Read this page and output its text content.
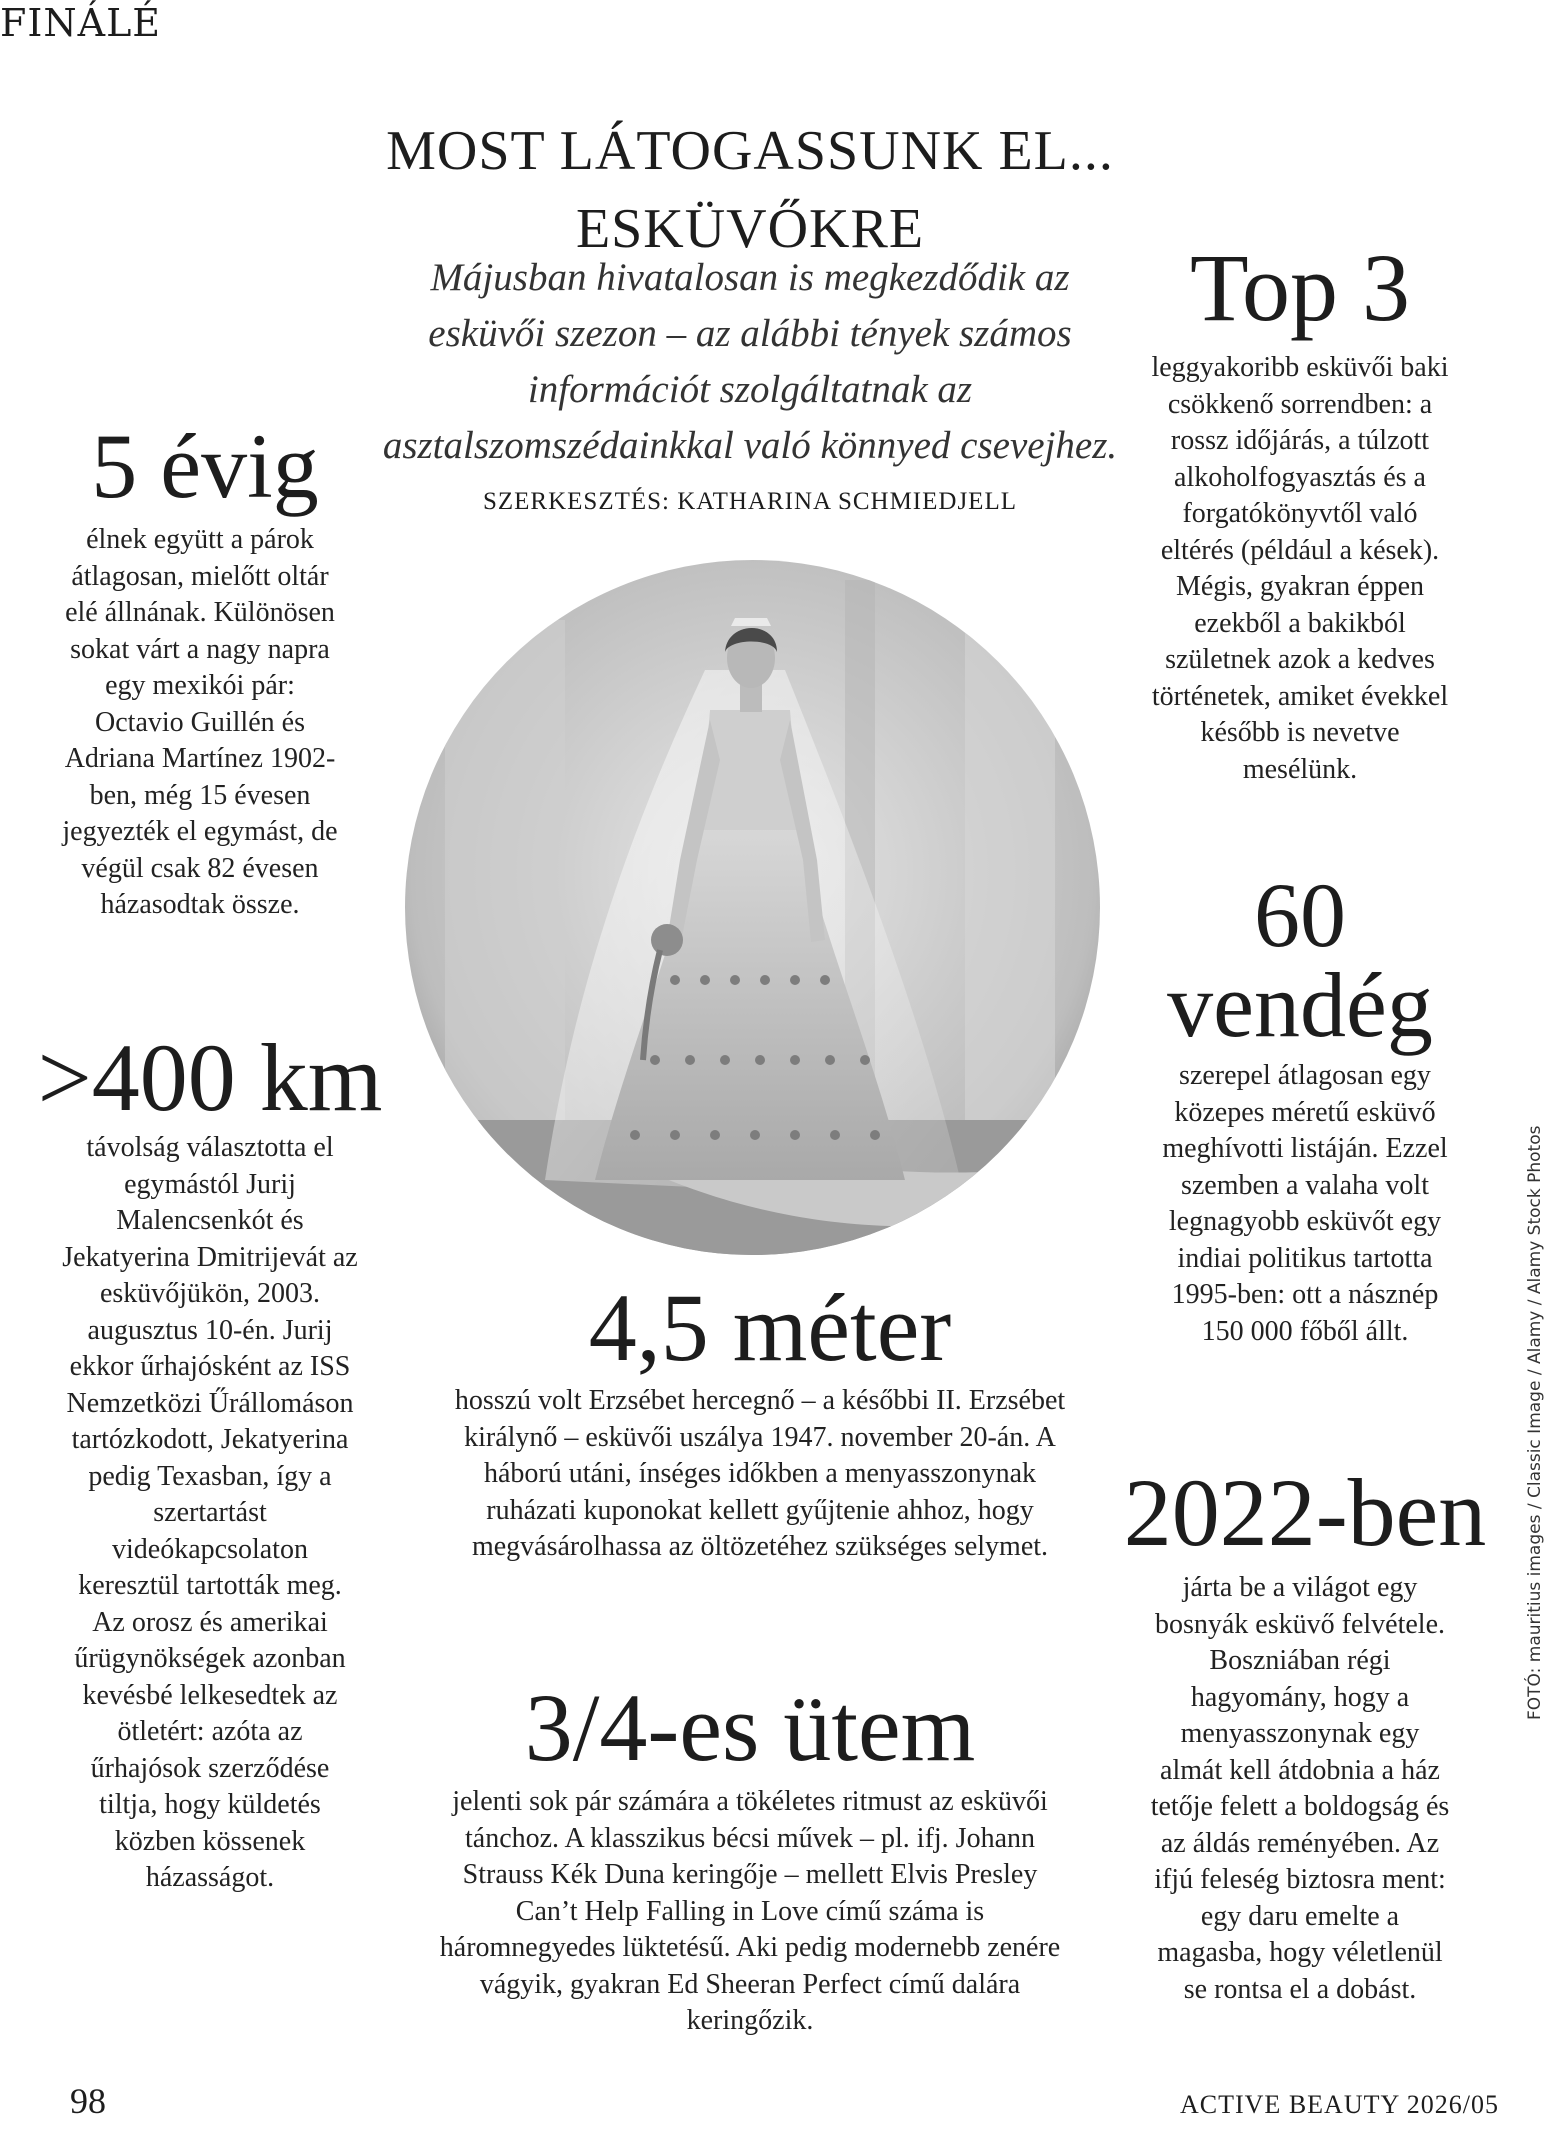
FINÁLÉ
MOST LÁTOGASSUNK EL...
ESKÜVŐKRE
Májusban hivatalosan is megkezdődik az esküvői szezon – az alábbi tények számos információt szolgáltatnak az asztalszomszédainkkal való könnyed csevejhez.
SZERKESZTÉS: KATHARINA SCHMIEDJELL
5 évig
élnek együtt a párok átlagosan, mielőtt oltár elé állnának. Különösen sokat várt a nagy napra egy mexikói pár: Octavio Guillén és Adriana Martínez 1902-ben, még 15 évesen jegyezték el egymást, de végül csak 82 évesen házasodtak össze.
>400 km
távolság választotta el egymástól Jurij Malencsenkót és Jekatyerina Dmitrijevát az esküvőjükön, 2003. augusztus 10-én. Jurij ekkor űrhajósként az ISS Nemzetközi Űrállomáson tartózkodott, Jekatyerina pedig Texasban, így a szertartást videókapcsolaton keresztül tartották meg. Az orosz és amerikai űrügynökségek azonban kevésbé lelkesedtek az ötletért: azóta az űrhajósok szerződése tiltja, hogy küldetés közben kössenek házasságot.
Top 3
leggyakoribb esküvői baki csökkenő sorrendben: a rossz időjárás, a túlzott alkoholfogyasztás és a forgatókönyvtől való eltérés (például a kések). Mégis, gyakran éppen ezekből a bakikból születnek azok a kedves történetek, amiket évekkel később is nevetve mesélünk.
60
vendég
szerepel átlagosan egy közepes méretű esküvő meghívotti listáján. Ezzel szemben a valaha volt legnagyobb esküvőt egy indiai politikus tartotta 1995-ben: ott a násznép 150 000 főből állt.
4,5 méter
hosszú volt Erzsébet hercegnő – a későbbi II. Erzsébet királynő – esküvői uszálya 1947. november 20-án. A háború utáni, ínséges időkben a menyasszonynak ruházati kuponokat kellett gyűjtenie ahhoz, hogy megvásárolhassa az öltözetéhez szükséges selymet.
3/4-es ütem
jelenti sok pár számára a tökéletes ritmust az esküvői tánchoz. A klasszikus bécsi művek – pl. ifj. Johann Strauss Kék Duna keringője – mellett Elvis Presley Can’t Help Falling in Love című száma is háromnegyedes lüktetésű. Aki pedig modernebb zenére vágyik, gyakran Ed Sheeran Perfect című dalára keringőzik.
2022-ben
járta be a világot egy bosnyák esküvő felvétele. Boszniában régi hagyomány, hogy a menyasszonynak egy almát kell átdobnia a ház tetője felett a boldogság és az áldás reményében. Az ifjú feleség biztosra ment: egy daru emelte a magasba, hogy véletlenül se rontsa el a dobást.
FOTÓ: mauritius images / Classic Image / Alamy / Alamy Stock Photos
98	ACTIVE BEAUTY 2026/05
